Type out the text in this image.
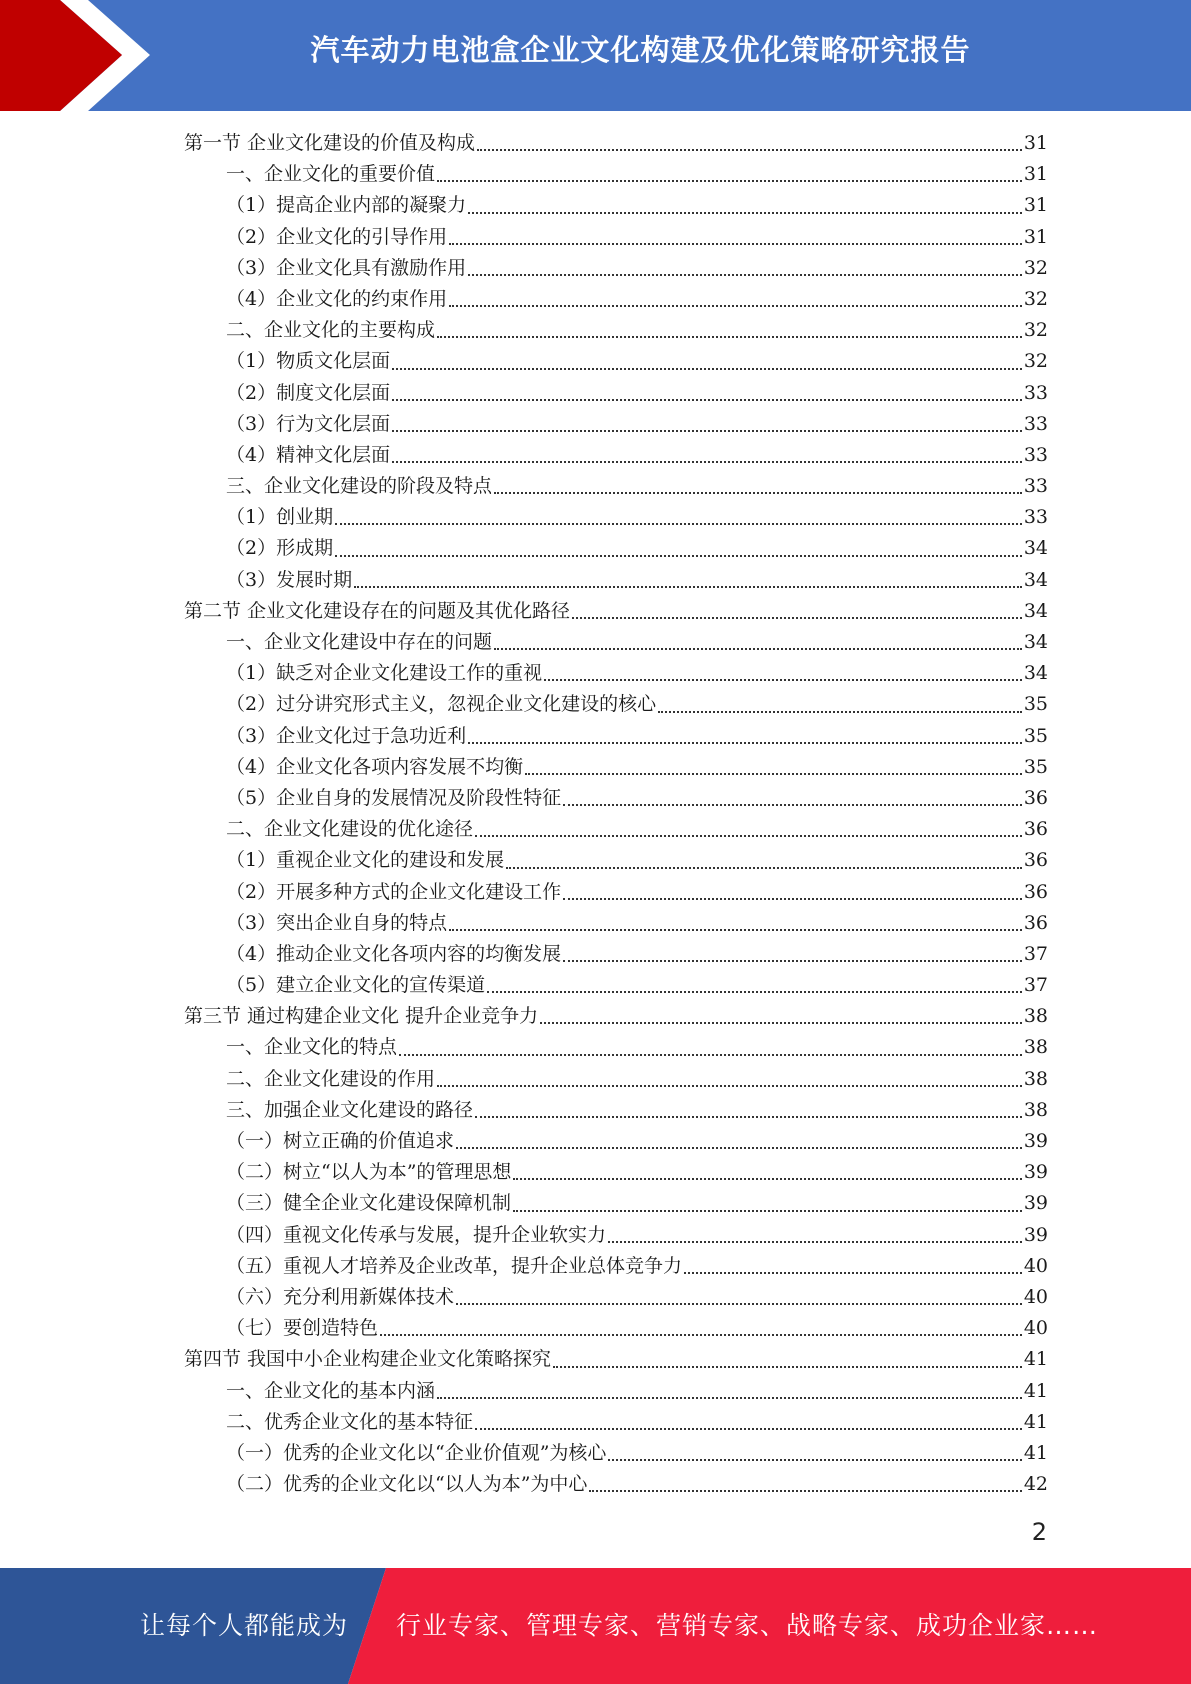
汽车动力电池盒企业文化构建及优化策略研究报告
第一节 企业文化建设的价值及构成	31
一、企业文化的重要价值	31
（1）提高企业内部的凝聚力	31
（2）企业文化的引导作用	31
（3）企业文化具有激励作用	32
（4）企业文化的约束作用	32
二、企业文化的主要构成	32
（1）物质文化层面	32
（2）制度文化层面	33
（3）行为文化层面	33
（4）精神文化层面	33
三、企业文化建设的阶段及特点	33
（1）创业期	33
（2）形成期	34
（3）发展时期	34
第二节 企业文化建设存在的问题及其优化路径	34
一、企业文化建设中存在的问题	34
（1）缺乏对企业文化建设工作的重视	34
（2）过分讲究形式主义，忽视企业文化建设的核心	35
（3）企业文化过于急功近利	35
（4）企业文化各项内容发展不均衡	35
（5）企业自身的发展情况及阶段性特征	36
二、企业文化建设的优化途径	36
（1）重视企业文化的建设和发展	36
（2）开展多种方式的企业文化建设工作	36
（3）突出企业自身的特点	36
（4）推动企业文化各项内容的均衡发展	37
（5）建立企业文化的宣传渠道	37
第三节 通过构建企业文化 提升企业竞争力	38
一、企业文化的特点	38
二、企业文化建设的作用	38
三、加强企业文化建设的路径	38
（一）树立正确的价值追求	39
（二）树立“以人为本”的管理思想	39
（三）健全企业文化建设保障机制	39
（四）重视文化传承与发展，提升企业软实力	39
（五）重视人才培养及企业改革，提升企业总体竞争力	40
（六）充分利用新媒体技术	40
（七）要创造特色	40
第四节 我国中小企业构建企业文化策略探究	41
一、企业文化的基本内涵	41
二、优秀企业文化的基本特征	41
（一）优秀的企业文化以“企业价值观”为核心	41
（二）优秀的企业文化以“以人为本”为中心	42
2
让每个人都能成为 行业专家、管理专家、营销专家、战略专家、成功企业家……
